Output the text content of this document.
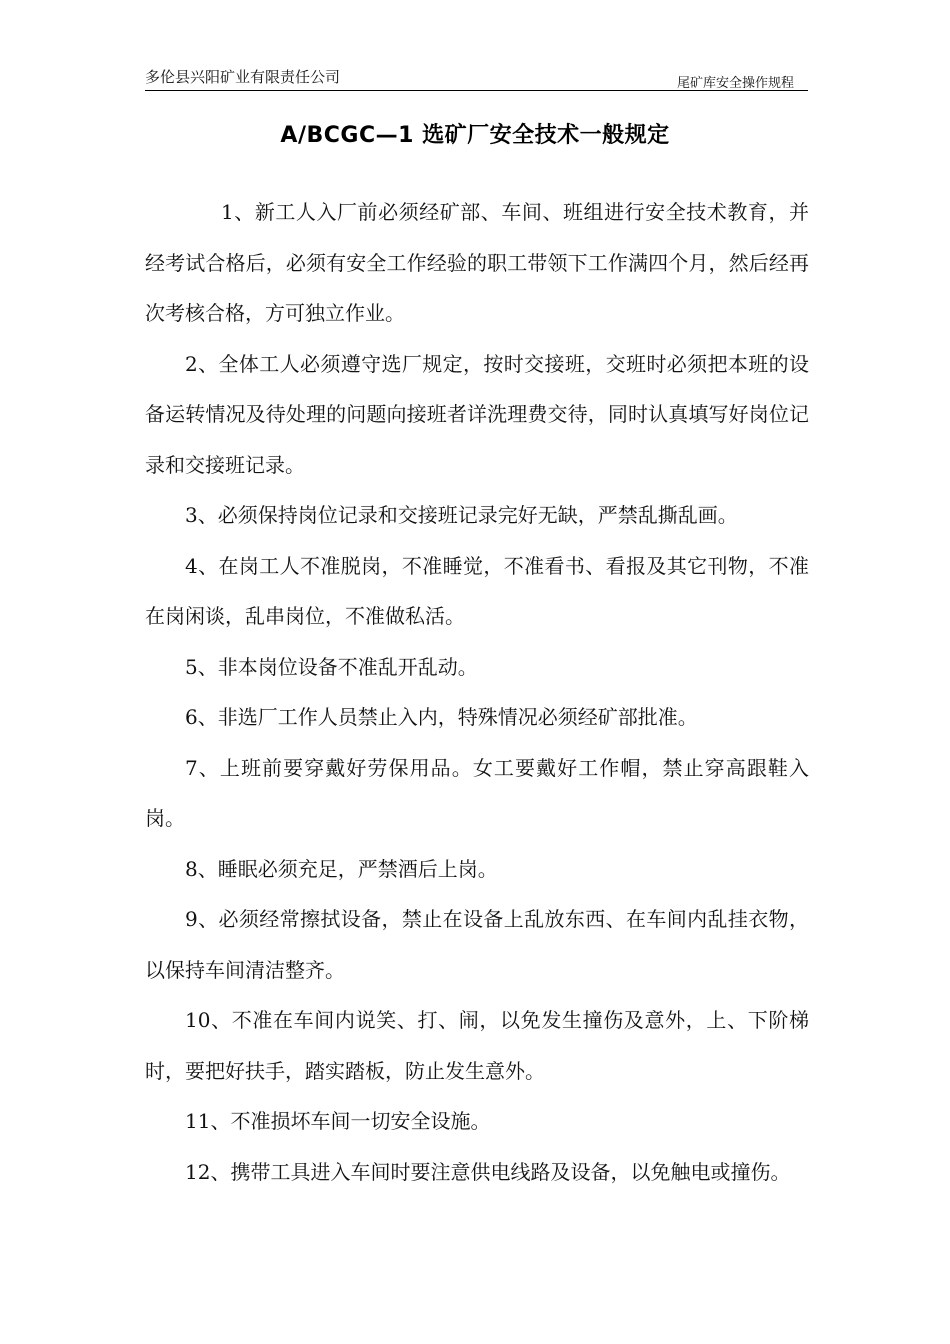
多伦县兴阳矿业有限责任公司	尾矿库安全操作规程
A/BCGC—1 选矿厂安全技术一般规定

1、新工人入厂前必须经矿部、车间、班组进行安全技术教育，并经考试合格后，必须有安全工作经验的职工带领下工作满四个月，然后经再次考核合格，方可独立作业。

2、全体工人必须遵守选厂规定，按时交接班，交班时必须把本班的设备运转情况及待处理的问题向接班者详洗理费交待，同时认真填写好岗位记录和交接班记录。

3、必须保持岗位记录和交接班记录完好无缺，严禁乱撕乱画。

4、在岗工人不准脱岗，不准睡觉，不准看书、看报及其它刊物，不准在岗闲谈，乱串岗位，不准做私活。

5、非本岗位设备不准乱开乱动。

6、非选厂工作人员禁止入内，特殊情况必须经矿部批准。

7、上班前要穿戴好劳保用品。女工要戴好工作帽，禁止穿高跟鞋入岗。

8、睡眠必须充足，严禁酒后上岗。

9、必须经常擦拭设备，禁止在设备上乱放东西、在车间内乱挂衣物，以保持车间清洁整齐。

10、不准在车间内说笑、打、闹，以免发生撞伤及意外，上、下阶梯时，要把好扶手，踏实踏板，防止发生意外。

11、不准损坏车间一切安全设施。

12、携带工具进入车间时要注意供电线路及设备，以免触电或撞伤。
